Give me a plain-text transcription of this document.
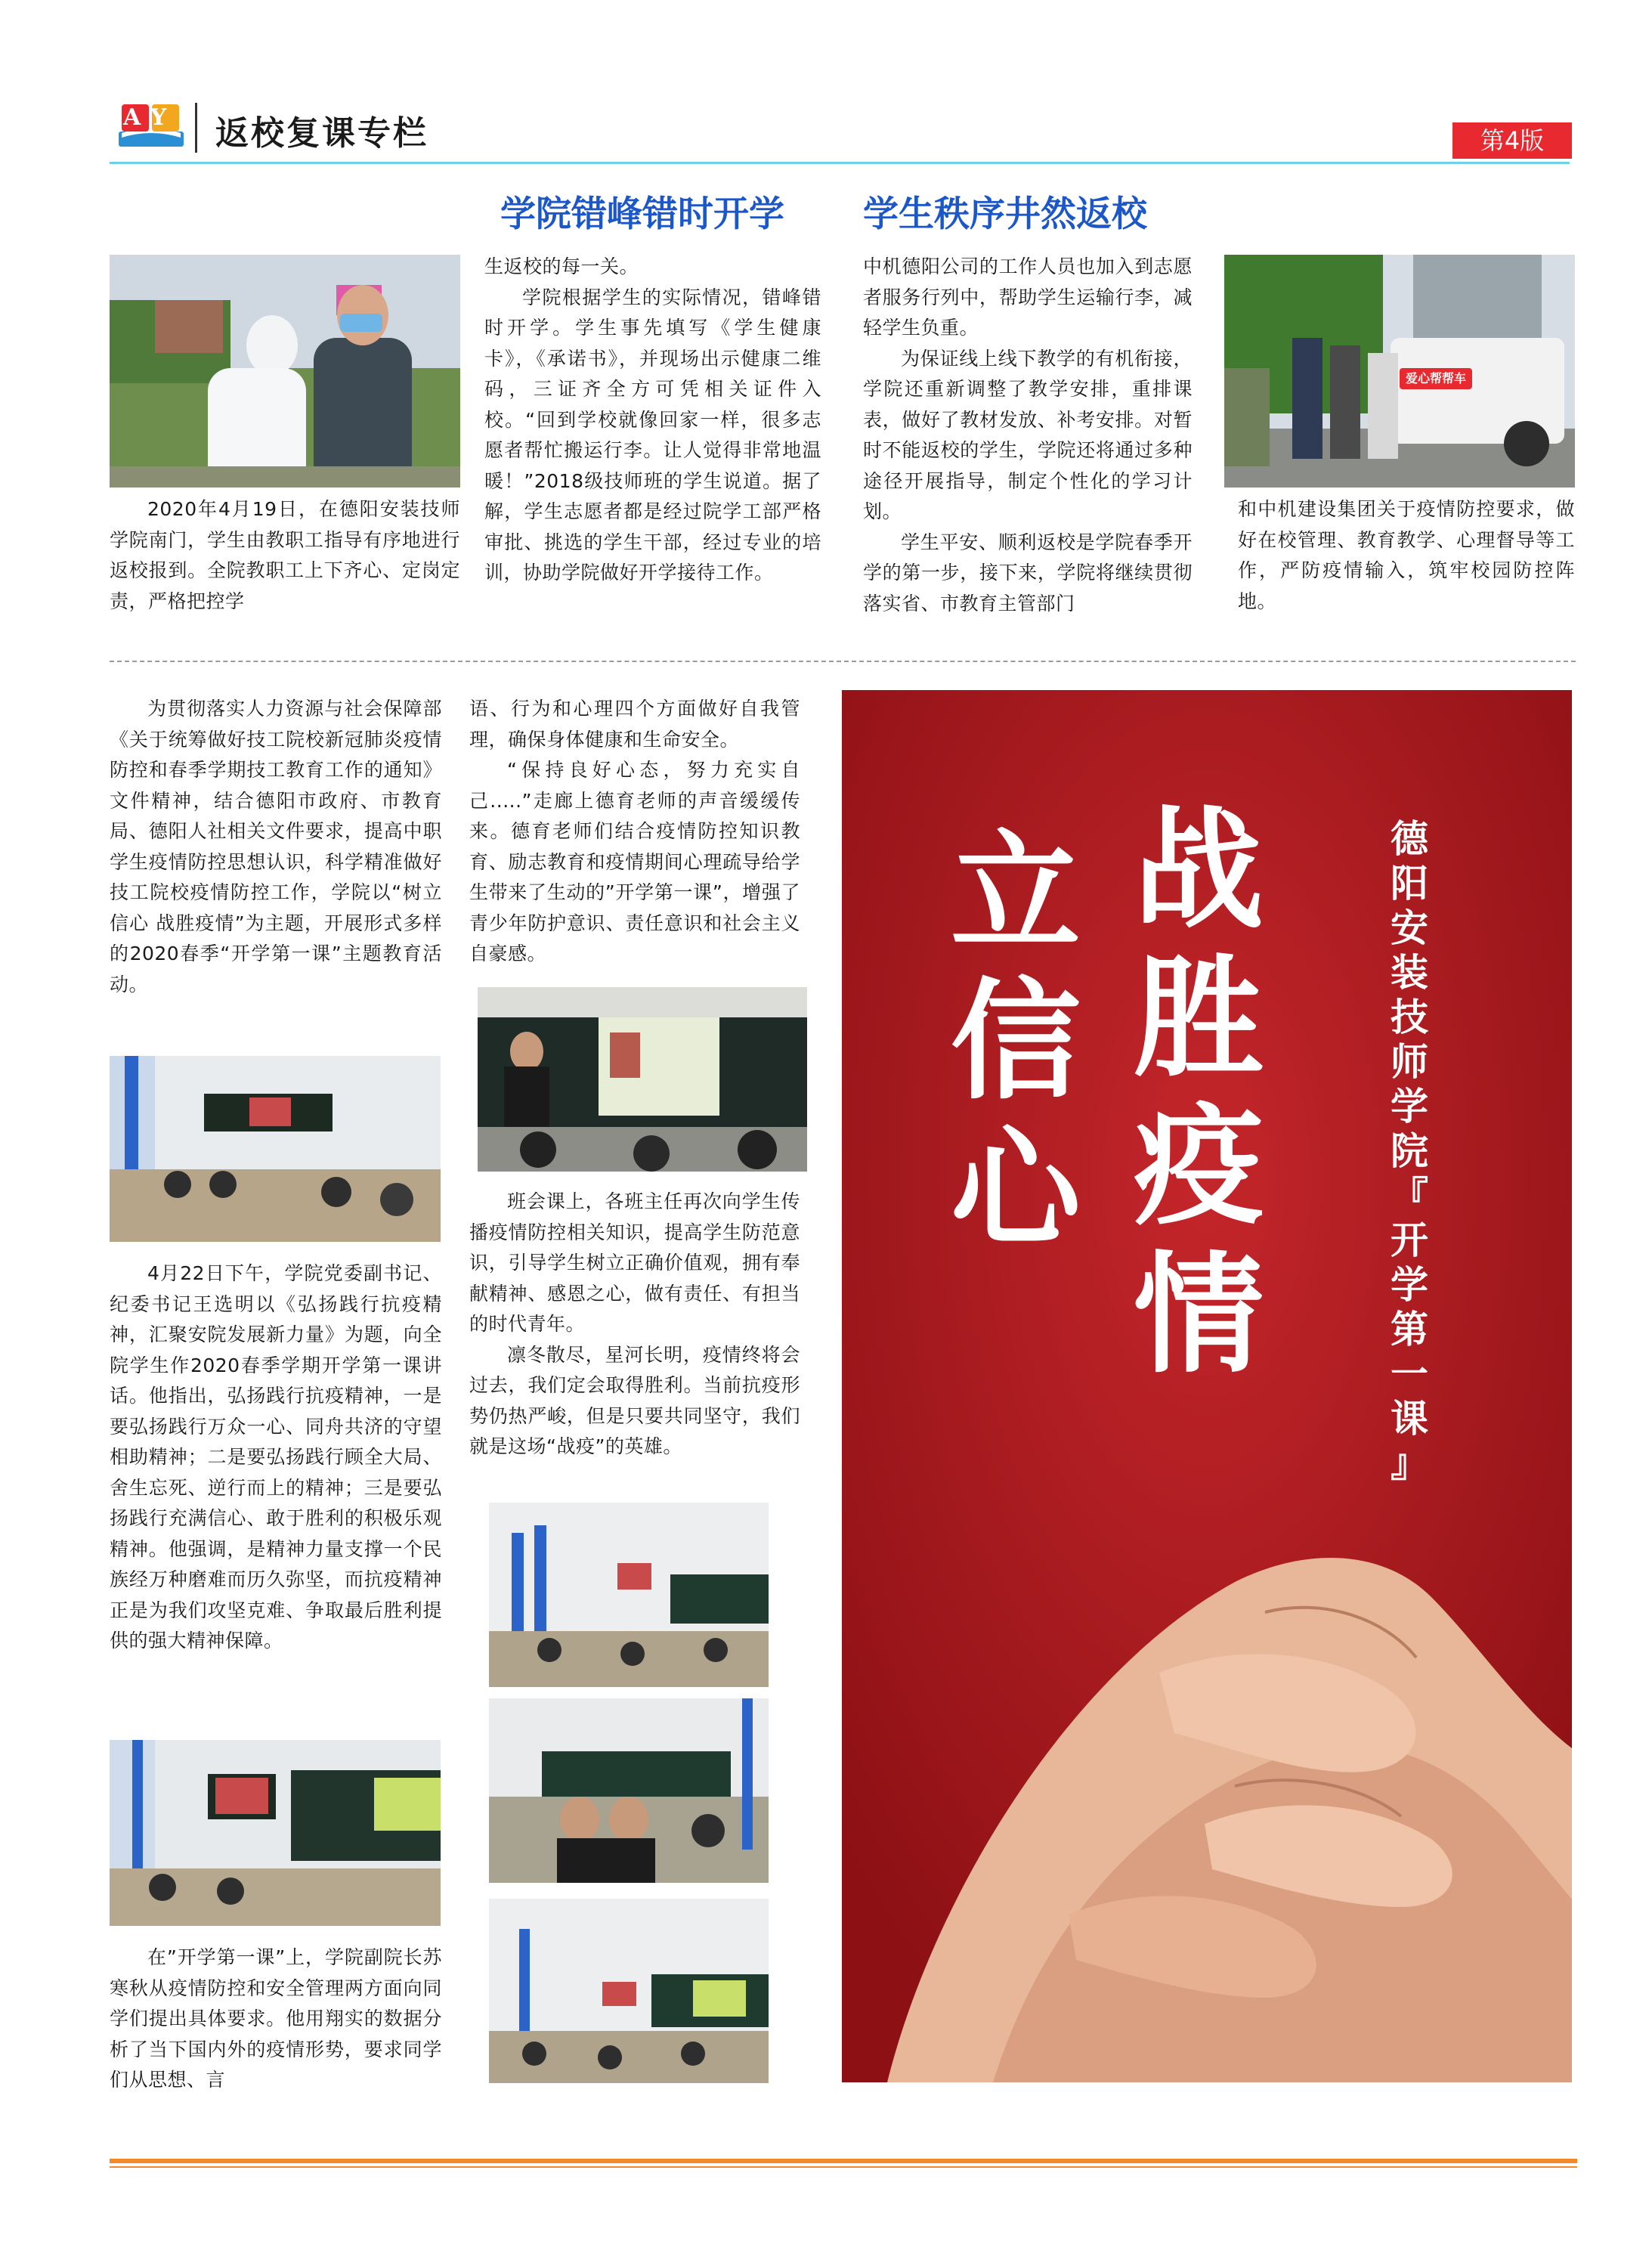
AY 返校复课专栏	第4版
学院错峰错时开学 学生秩序井然返校

2020年4月19日，在德阳安装技师学院南门，学生由教职工指导有序地进行返校报到。全院教职工上下齐心、定岗定责，严格把控学

生返校的每一关。

学院根据学生的实际情况，错峰错时开学。学生事先填写《学生健康卡》，《承诺书》，并现场出示健康二维码，三证齐全方可凭相关证件入校。“回到学校就像回家一样，很多志愿者帮忙搬运行李。让人觉得非常地温暖！”2018级技师班的学生说道。据了解，学生志愿者都是经过院学工部严格审批、挑选的学生干部，经过专业的培训，协助学院做好开学接待工作。

中机德阳公司的工作人员也加入到志愿者服务行列中，帮助学生运输行李，减轻学生负重。

为保证线上线下教学的有机衔接，学院还重新调整了教学安排，重排课表，做好了教材发放、补考安排。对暂时不能返校的学生，学院还将通过多种途径开展指导，制定个性化的学习计划。

学生平安、顺利返校是学院春季开学的第一步，接下来，学院将继续贯彻落实省、市教育主管部门

爱心帮帮车

和中机建设集团关于疫情防控要求，做好在校管理、教育教学、心理督导等工作，严防疫情输入，筑牢校园防控阵地。

为贯彻落实人力资源与社会保障部《关于统筹做好技工院校新冠肺炎疫情防控和春季学期技工教育工作的通知》文件精神，结合德阳市政府、市教育局、德阳人社相关文件要求，提高中职学生疫情防控思想认识，科学精准做好技工院校疫情防控工作，学院以“树立信心 战胜疫情”为主题，开展形式多样的2020春季“开学第一课”主题教育活动。

4月22日下午，学院党委副书记、纪委书记王选明以《弘扬践行抗疫精神，汇聚安院发展新力量》为题，向全院学生作2020春季学期开学第一课讲话。他指出，弘扬践行抗疫精神，一是要弘扬践行万众一心、同舟共济的守望相助精神；二是要弘扬践行顾全大局、舍生忘死、逆行而上的精神；三是要弘扬践行充满信心、敢于胜利的积极乐观精神。他强调，是精神力量支撑一个民族经万种磨难而历久弥坚，而抗疫精神正是为我们攻坚克难、争取最后胜利提供的强大精神保障。

在”开学第一课”上，学院副院长苏寒秋从疫情防控和安全管理两方面向同学们提出具体要求。他用翔实的数据分析了当下国内外的疫情形势，要求同学们从思想、言

语、行为和心理四个方面做好自我管理，确保身体健康和生命安全。

“保持良好心态，努力充实自己.....”走廊上德育老师的声音缓缓传来。德育老师们结合疫情防控知识教育、励志教育和疫情期间心理疏导给学生带来了生动的”开学第一课”，增强了青少年防护意识、责任意识和社会主义自豪感。

班会课上，各班主任再次向学生传播疫情防控相关知识，提高学生防范意识，引导学生树立正确价值观，拥有奉献精神、感恩之心，做有责任、有担当的时代青年。

凛冬散尽，星河长明，疫情终将会过去，我们定会取得胜利。当前抗疫形势仍热严峻，但是只要共同坚守，我们就是这场“战疫”的英雄。

战
胜
疫
情
立
信
心
德
阳
安
装
技
师
学
院
『
开
学
第
一
课
』
